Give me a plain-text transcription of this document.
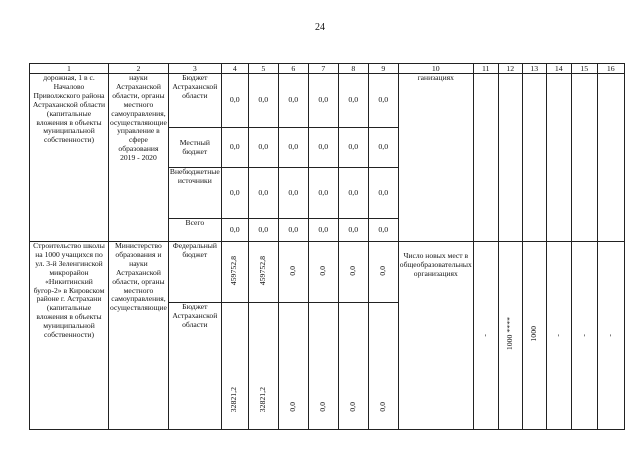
24
1	2	3	4	5	6	7	8	9	10	11	12	13	14	15	16
дорожная, 1 в с. Началово Приволжского района Астраханской области (капитальные вложения в объекты муниципальной собственности)	науки Астраханской области, органы местного самоуправления, осуществляющие управление в сфере образования 2019 - 2020	Бюджет Астраханской области	0,0	0,0	0,0	0,0	0,0	0,0	ганизациях						
		Местный бюджет	0,0	0,0	0,0	0,0	0,0	0,0							
		Внебюджетные источники	0,0	0,0	0,0	0,0	0,0	0,0							
		Всего	0,0	0,0	0,0	0,0	0,0	0,0							
Строительство школы на 1000 учащихся по ул. 3-й Зеленгинской микрорайон «Никитинский бугор-2» в Кировском районе г. Астрахани (капитальные вложения в объекты муниципальной собственности)	Министерство образования и науки Астраханской области, органы местного самоуправления, осуществляющие	Федеральный бюджет	459752,8	459752,8	0,0	0,0	0,0	0,0	Число новых мест в общеобразовательных организациях	-	1000 ****	1000	-	-	-
		Бюджет Астраханской области	32821,2	32821,2	0,0	0,0	0,0	0,0							
